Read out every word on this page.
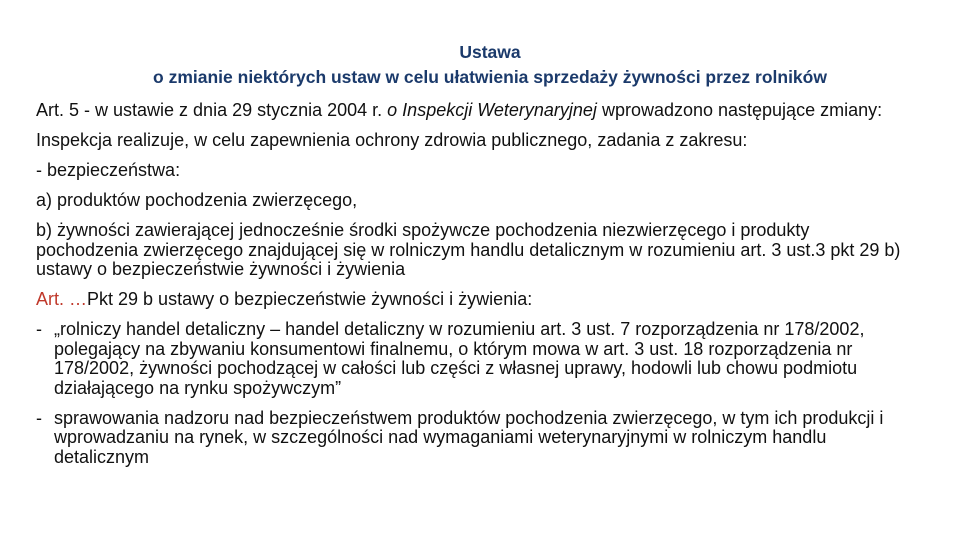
Ustawa
o zmianie niektórych ustaw w celu ułatwienia sprzedaży żywności przez rolników

Art. 5 - w ustawie z dnia 29 stycznia 2004 r. o Inspekcji Weterynaryjnej wprowadzono następujące zmiany:

Inspekcja realizuje, w celu zapewnienia ochrony zdrowia publicznego, zadania z zakresu:

- bezpieczeństwa:

a) produktów pochodzenia zwierzęcego,

b) żywności zawierającej jednocześnie środki spożywcze pochodzenia niezwierzęcego i produkty pochodzenia zwierzęcego znajdującej się w rolniczym handlu detalicznym w rozumieniu art. 3 ust.3 pkt 29 b) ustawy o bezpieczeństwie żywności i żywienia

Art. …Pkt 29 b ustawy o bezpieczeństwie żywności i żywienia:

- „rolniczy handel detaliczny – handel detaliczny w rozumieniu art. 3 ust. 7 rozporządzenia nr 178/2002, polegający na zbywaniu konsumentowi finalnemu, o którym mowa w art. 3 ust. 18 rozporządzenia nr 178/2002, żywności pochodzącej w całości lub części z własnej uprawy, hodowli lub chowu podmiotu działającego na rynku spożywczym”
- sprawowania nadzoru nad bezpieczeństwem produktów pochodzenia zwierzęcego, w tym ich produkcji i wprowadzaniu na rynek, w szczególności nad wymaganiami weterynaryjnymi w rolniczym handlu detalicznym
